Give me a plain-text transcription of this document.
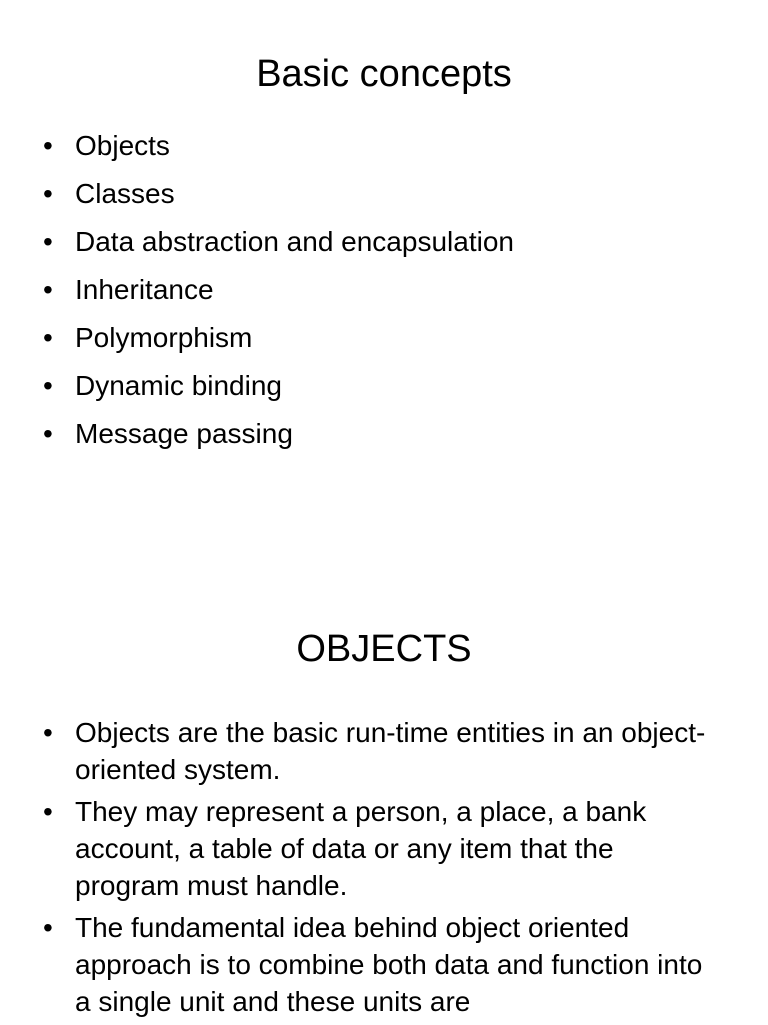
Basic concepts
• Objects
• Classes
• Data abstraction and encapsulation
• Inheritance
• Polymorphism
• Dynamic binding
• Message passing
OBJECTS
• Objects are the basic run-time entities in an object-oriented system.
• They may represent a person, a place, a bank account, a table of data or any item that the program must handle.
• The fundamental idea behind object oriented approach is to combine both data and function into a single unit and these units are
